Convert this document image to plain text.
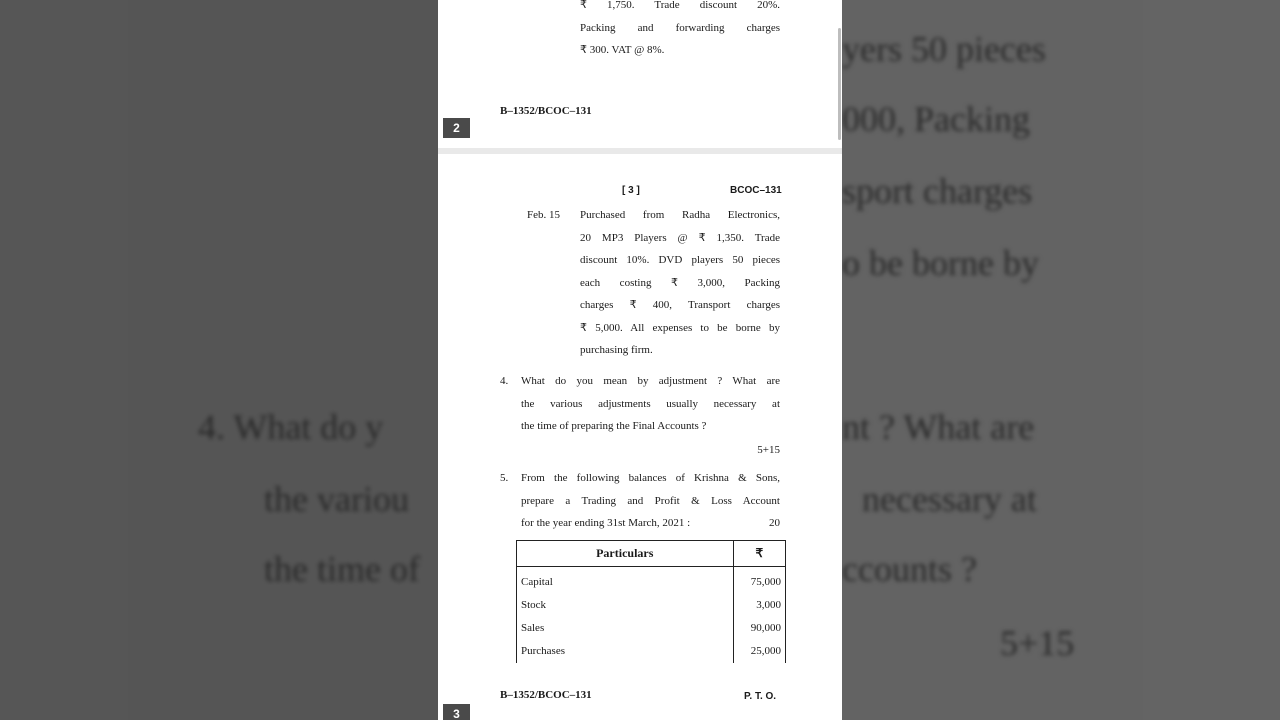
yers 50 pieces
000, Packing
sport charges
o be borne by
4. What do y	nt ? What are
the variou	necessary at
the time of	ccounts ?
5+15
₹ 1,750. Trade discount 20%.
Packing and forwarding charges
₹ 300. VAT @ 8%.
B–1352/BCOC–131
2
[ 3 ]	BCOC–131
Feb. 15 Purchased from Radha Electronics,
20 MP3 Players @ ₹ 1,350. Trade
discount 10%. DVD players 50 pieces
each costing ₹ 3,000, Packing
charges ₹ 400, Transport charges
₹ 5,000. All expenses to be borne by
purchasing firm.
4. What do you mean by adjustment ? What are
the various adjustments usually necessary at
the time of preparing the Final Accounts ?
5+15
5. From the following balances of Krishna & Sons,
prepare a Trading and Profit & Loss Account
for the year ending 31st March, 2021 :	20
Particulars	₹
Capital	75,000
Stock	3,000
Sales	90,000
Purchases	25,000
B–1352/BCOC–131	P. T. O.
3
